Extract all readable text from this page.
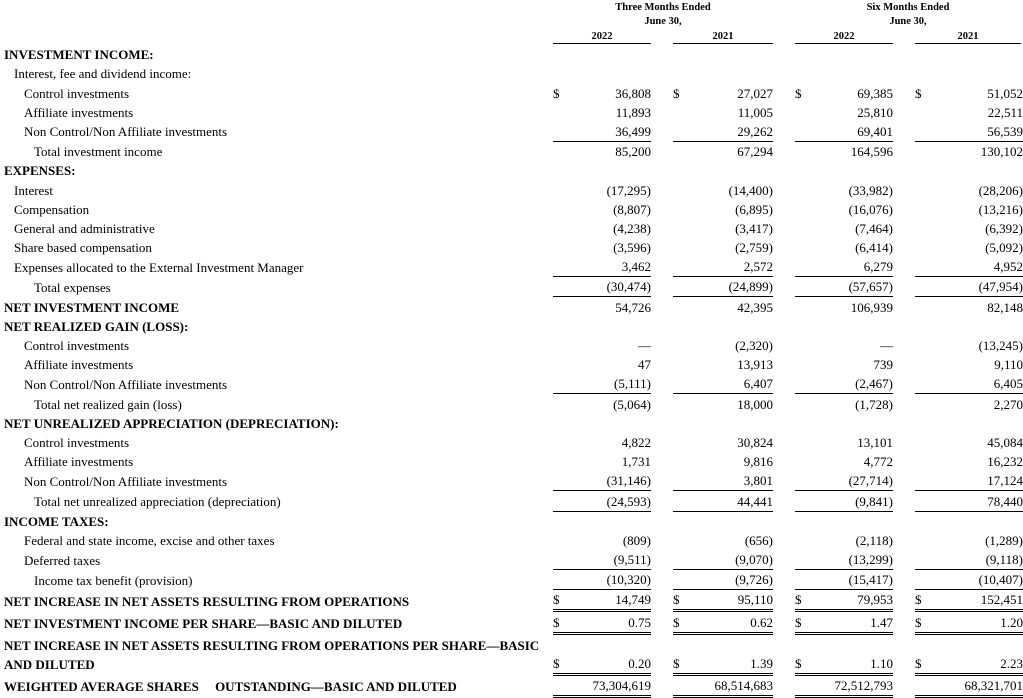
Three Months Ended
June 30,
Six Months Ended
June 30,
2022	2021	2022	2021
INVESTMENT INCOME:											
Interest, fee and dividend income:											
Control investments	$	36,808		$	27,027		$	69,385		$	51,052
Affiliate investments		11,893			11,005			25,810			22,511
Non Control/Non Affiliate investments		36,499			29,262			69,401			56,539
Total investment income		85,200			67,294			164,596			130,102
EXPENSES:											
Interest		(17,295)			(14,400)			(33,982)			(28,206)
Compensation		(8,807)			(6,895)			(16,076)			(13,216)
General and administrative		(4,238)			(3,417)			(7,464)			(6,392)
Share based compensation		(3,596)			(2,759)			(6,414)			(5,092)
Expenses allocated to the External Investment Manager		3,462			2,572			6,279			4,952
Total expenses		(30,474)			(24,899)			(57,657)			(47,954)
NET INVESTMENT INCOME		54,726			42,395			106,939			82,148
NET REALIZED GAIN (LOSS):											
Control investments		—			(2,320)			—			(13,245)
Affiliate investments		47			13,913			739			9,110
Non Control/Non Affiliate investments		(5,111)			6,407			(2,467)			6,405
Total net realized gain (loss)		(5,064)			18,000			(1,728)			2,270
NET UNREALIZED APPRECIATION (DEPRECIATION):											
Control investments		4,822			30,824			13,101			45,084
Affiliate investments		1,731			9,816			4,772			16,232
Non Control/Non Affiliate investments		(31,146)			3,801			(27,714)			17,124
Total net unrealized appreciation (depreciation)		(24,593)			44,441			(9,841)			78,440
INCOME TAXES:											
Federal and state income, excise and other taxes		(809)			(656)			(2,118)			(1,289)
Deferred taxes		(9,511)			(9,070)			(13,299)			(9,118)
Income tax benefit (provision)		(10,320)			(9,726)			(15,417)			(10,407)
NET INCREASE IN NET ASSETS RESULTING FROM OPERATIONS	$	14,749		$	95,110		$	79,953		$	152,451
NET INVESTMENT INCOME PER SHARE—BASIC AND DILUTED	$	0.75		$	0.62		$	1.47		$	1.20
NET INCREASE IN NET ASSETS RESULTING FROM OPERATIONS PER SHARE—BASIC AND DILUTED	$	0.20		$	1.39		$	1.10		$	2.23
WEIGHTED AVERAGE SHARES     OUTSTANDING—BASIC AND DILUTED		73,304,619			68,514,683			72,512,793			68,321,701
